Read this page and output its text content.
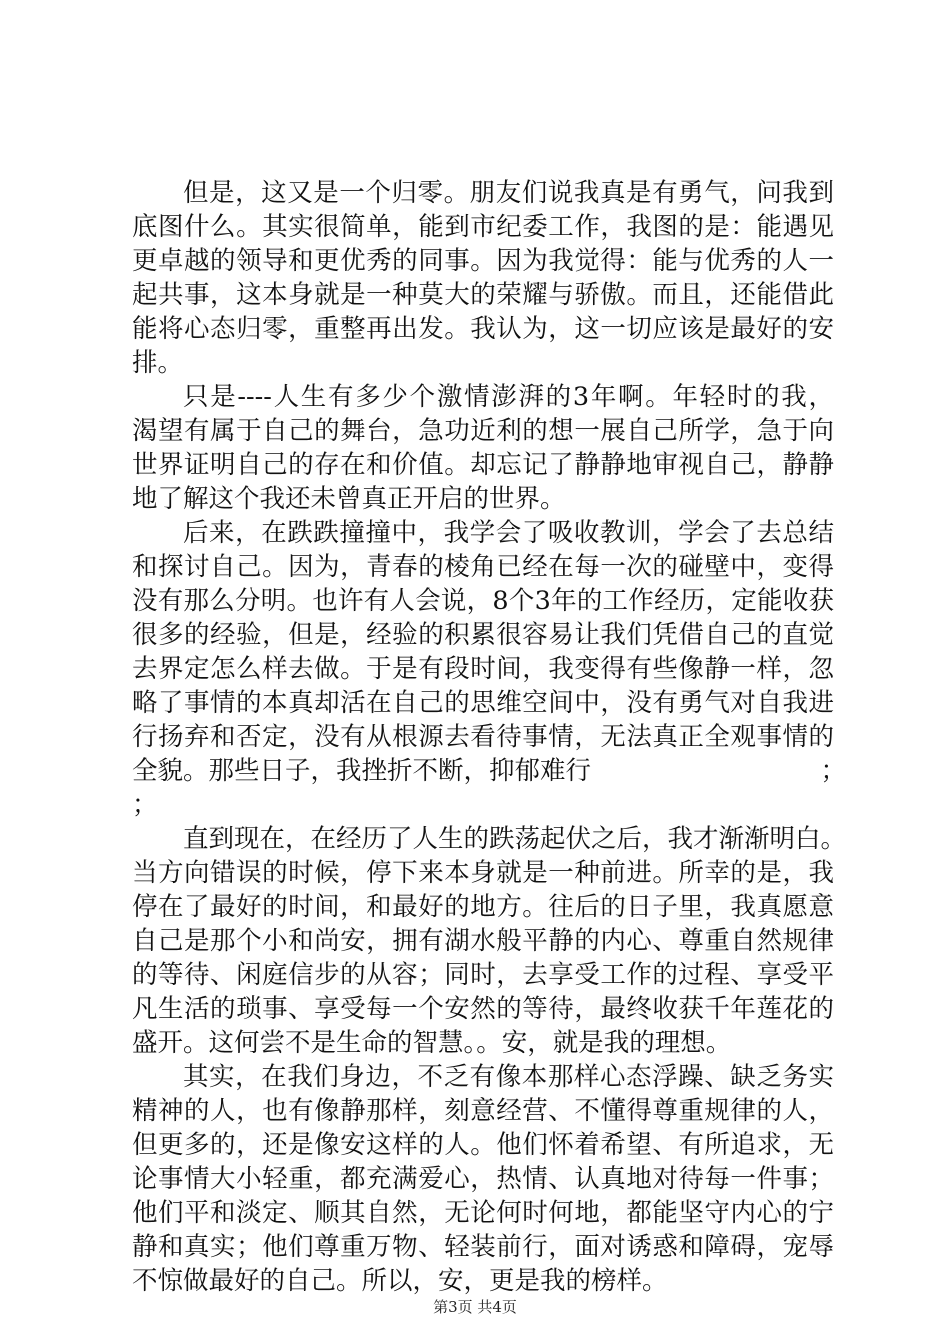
但是，这又是一个归零。朋友们说我真是有勇气，问我到
底图什么。其实很简单，能到市纪委工作，我图的是：能遇见
更卓越的领导和更优秀的同事。因为我觉得：能与优秀的人一
起共事，这本身就是一种莫大的荣耀与骄傲。而且，还能借此
能将心态归零，重整再出发。我认为，这一切应该是最好的安
排。
只是----人生有多少个激情澎湃的3年啊。年轻时的我，
渴望有属于自己的舞台，急功近利的想一展自己所学，急于向
世界证明自己的存在和价值。却忘记了静静地审视自己，静静
地了解这个我还未曾真正开启的世界。
后来，在跌跌撞撞中，我学会了吸收教训，学会了去总结
和探讨自己。因为，青春的棱角已经在每一次的碰壁中，变得
没有那么分明。也许有人会说，8个3年的工作经历，定能收获
很多的经验，但是，经验的积累很容易让我们凭借自己的直觉
去界定怎么样去做。于是有段时间，我变得有些像静一样，忽
略了事情的本真却活在自己的思维空间中，没有勇气对自我进
行扬弃和否定，没有从根源去看待事情，无法真正全观事情的
全貌。那些日子，我挫折不断，抑郁难行　　　　　　　　　；
；
直到现在，在经历了人生的跌荡起伏之后，我才渐渐明白。
当方向错误的时候，停下来本身就是一种前进。所幸的是，我
停在了最好的时间，和最好的地方。往后的日子里，我真愿意
自己是那个小和尚安，拥有湖水般平静的内心、尊重自然规律
的等待、闲庭信步的从容；同时，去享受工作的过程、享受平
凡生活的琐事、享受每一个安然的等待，最终收获千年莲花的
盛开。这何尝不是生命的智慧。。安，就是我的理想。
其实，在我们身边，不乏有像本那样心态浮躁、缺乏务实
精神的人，也有像静那样，刻意经营、不懂得尊重规律的人，
但更多的，还是像安这样的人。他们怀着希望、有所追求，无
论事情大小轻重，都充满爱心，热情、认真地对待每一件事；
他们平和淡定、顺其自然，无论何时何地，都能坚守内心的宁
静和真实；他们尊重万物、轻装前行，面对诱惑和障碍，宠辱
不惊做最好的自己。所以，安，更是我的榜样。
第3页 共4页
